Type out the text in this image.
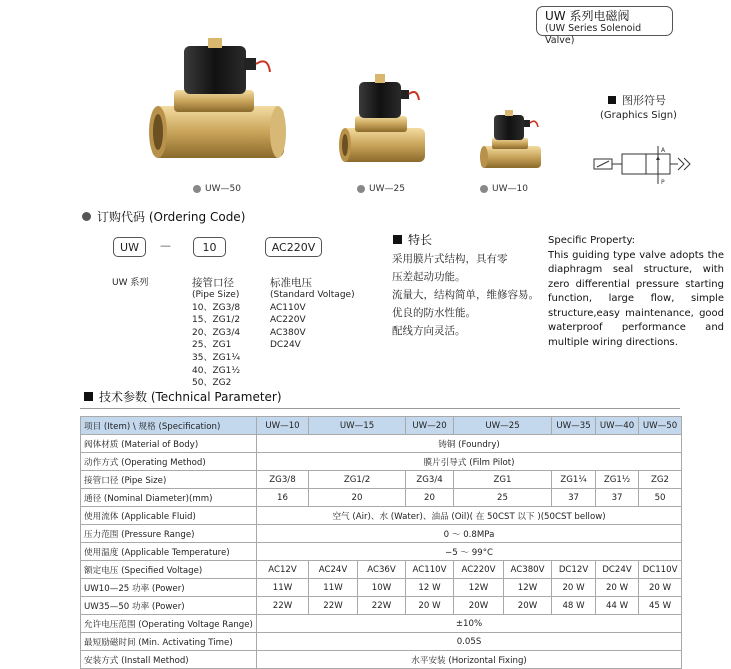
UW 系列电磁阀
(UW Series Solenoid Valve)
UW—50	UW—25	UW—10
图形符号
(Graphics Sign)
A
P
订购代码 (Ordering Code)
UW	—	10	AC220V
UW 系列	接管口径
(Pipe Size)
10、ZG3/8
15、ZG1/2
20、ZG3/4
25、ZG1
35、ZG1¼
40、ZG1½
50、ZG2
标准电压
(Standard Voltage)
AC110V
AC220V
AC380V
DC24V
特长
采用膜片式结构，具有零
压差起动功能。
流量大，结构简单，维修容易。
优良的防水性能。
配线方向灵活。
Specific Property:
This guiding type valve adopts the diaphragm seal structure, with zero differential pressure starting function, large flow, simple structure,easy maintenance, good waterproof performance and multiple wiring directions.
技术参数 (Technical Parameter)
项目 (Item) \ 规格 (Specification)	UW—10	UW—15		UW—20	UW—25		UW—35	UW—40	UW—50
阀体材质 (Material of Body)	铸铜 (Foundry)								
动作方式 (Operating Method)	膜片引导式 (Film Pilot)								
接管口径 (Pipe Size)	ZG3/8	ZG1/2		ZG3/4	ZG1		ZG1¼	ZG1½	ZG2
通径 (Nominal Diameter)(mm)	16	20		20	25		37	37	50
使用流体 (Applicable Fluid)	空气 (Air)、水 (Water)、油品 (Oil)( 在 50CST 以下 )(50CST bellow)								
压力范围 (Pressure Range)	0 ～ 0.8MPa								
使用温度 (Applicable Temperature)	−5 ～ 99°C								
额定电压 (Specified Voltage)	AC12V	AC24V	AC36V	AC110V	AC220V	AC380V	DC12V	DC24V	DC110V
UW10—25 功率 (Power)	11W	11W	10W	12 W	12W	12W	20 W	20 W	20 W
UW35—50 功率 (Power)	22W	22W	22W	20 W	20W	20W	48 W	44 W	45 W
允许电压范围 (Operating Voltage Range)	±10%								
最短励磁时间 (Min. Activating Time)	0.05S								
安装方式 (Install Method)	水平安装 (Horizontal Fixing)								
